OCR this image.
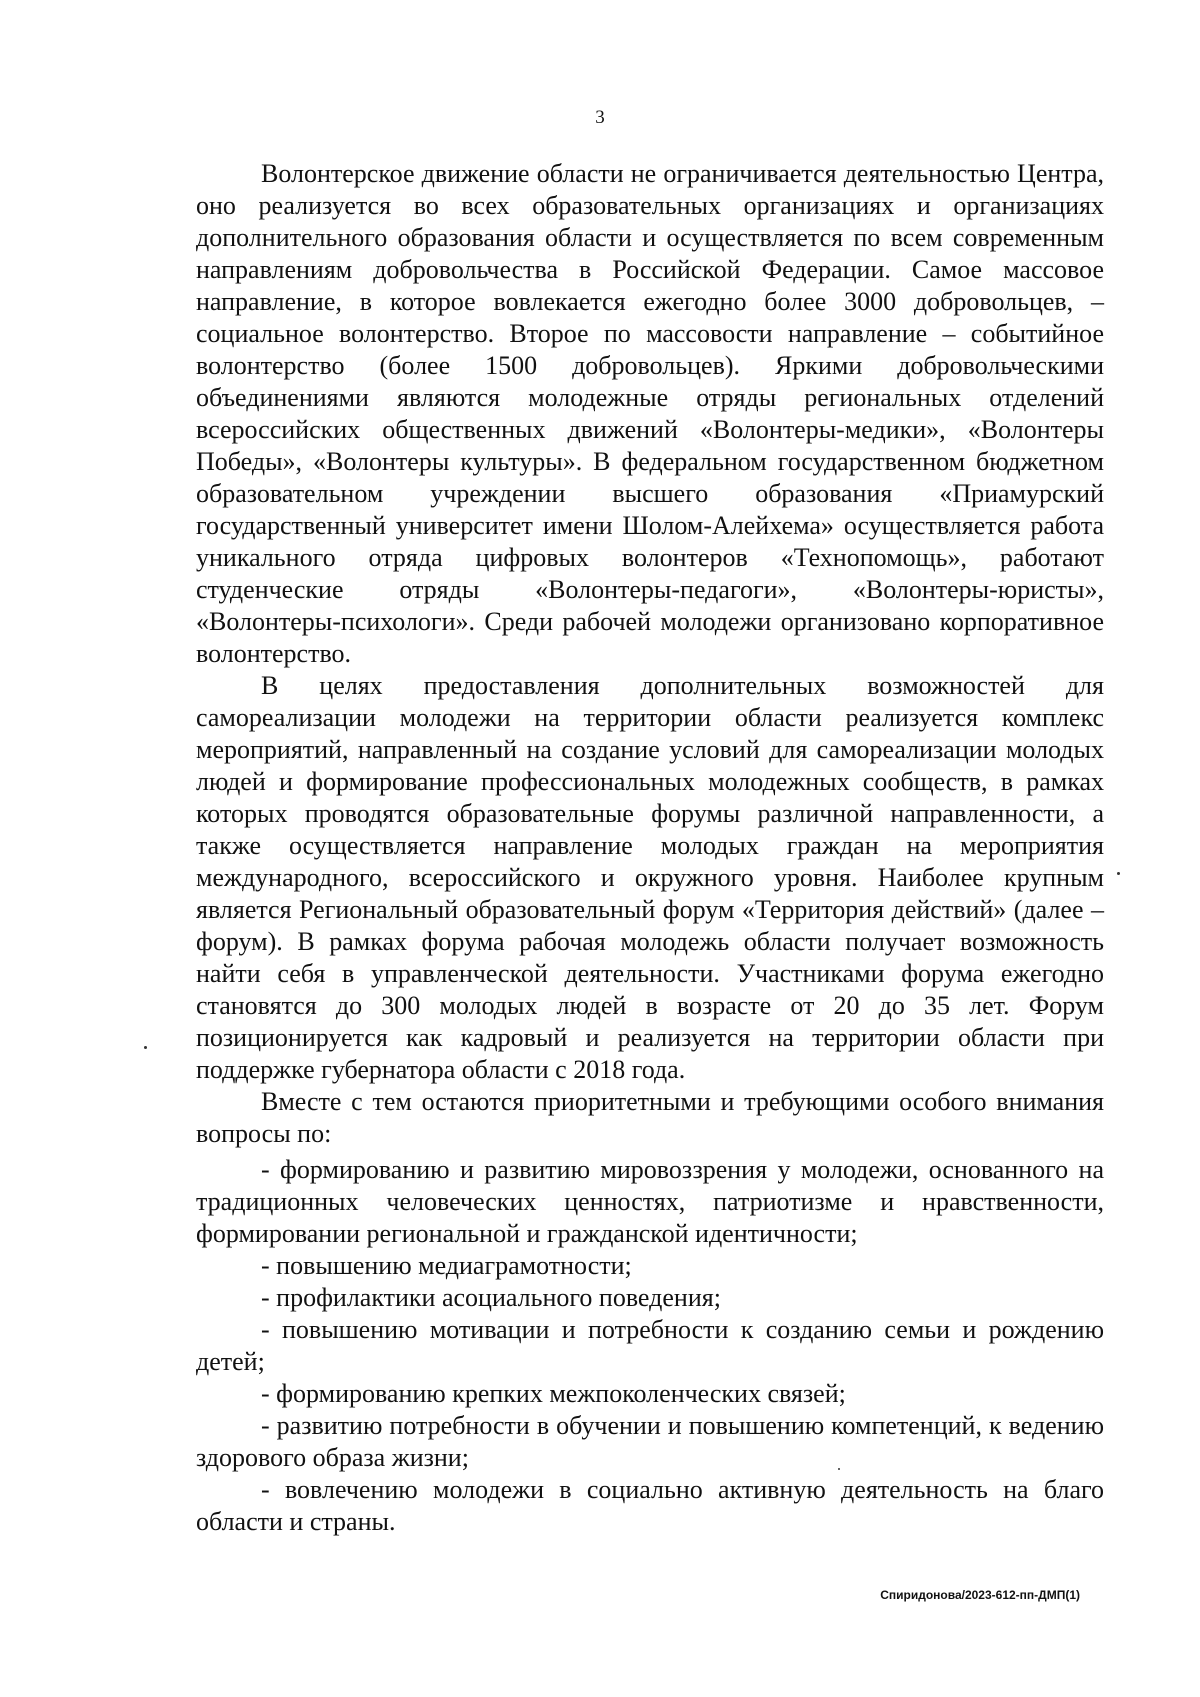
3

Волонтерское движение области не ограничивается деятельностью Центра, оно реализуется во всех образовательных организациях и организациях дополнительного образования области и осуществляется по всем современным направлениям добровольчества в Российской Федерации. Самое массовое направление, в которое вовлекается ежегодно более 3000 добровольцев, – социальное волонтерство. Второе по массовости направление – событийное волонтерство (более 1500 добровольцев). Яркими добровольческими объединениями являются молодежные отряды региональных отделений всероссийских общественных движений «Волонтеры-медики», «Волонтеры Победы», «Волонтеры культуры». В федеральном государственном бюджетном образовательном учреждении высшего образования «Приамурский государственный университет имени Шолом-Алейхема» осуществляется работа уникального отряда цифровых волонтеров «Технопомощь», работают студенческие отряды «Волонтеры-педагоги», «Волонтеры-юристы», «Волонтеры-психологи». Среди рабочей молодежи организовано корпоративное волонтерство.

В целях предоставления дополнительных возможностей для самореализации молодежи на территории области реализуется комплекс мероприятий, направленный на создание условий для самореализации молодых людей и формирование профессиональных молодежных сообществ, в рамках которых проводятся образовательные форумы различной направленности, а также осуществляется направление молодых граждан на мероприятия международного, всероссийского и окружного уровня. Наиболее крупным является Региональный образовательный форум «Территория действий» (далее – форум). В рамках форума рабочая молодежь области получает возможность найти себя в управленческой деятельности. Участниками форума ежегодно становятся до 300 молодых людей в возрасте от 20 до 35 лет. Форум позиционируется как кадровый и реализуется на территории области при поддержке губернатора области с 2018 года.

Вместе с тем остаются приоритетными и требующими особого внимания вопросы по:

- формированию и развитию мировоззрения у молодежи, основанного на традиционных человеческих ценностях, патриотизме и нравственности, формировании региональной и гражданской идентичности;

- повышению медиаграмотности;

- профилактики асоциального поведения;

- повышению мотивации и потребности к созданию семьи и рождению детей;

- формированию крепких межпоколенческих связей;

- развитию потребности в обучении и повышению компетенций, к ведению здорового образа жизни;

- вовлечению молодежи в социально активную деятельность на благо области и страны.

Спиридонова/2023-612-пп-ДМП(1)
